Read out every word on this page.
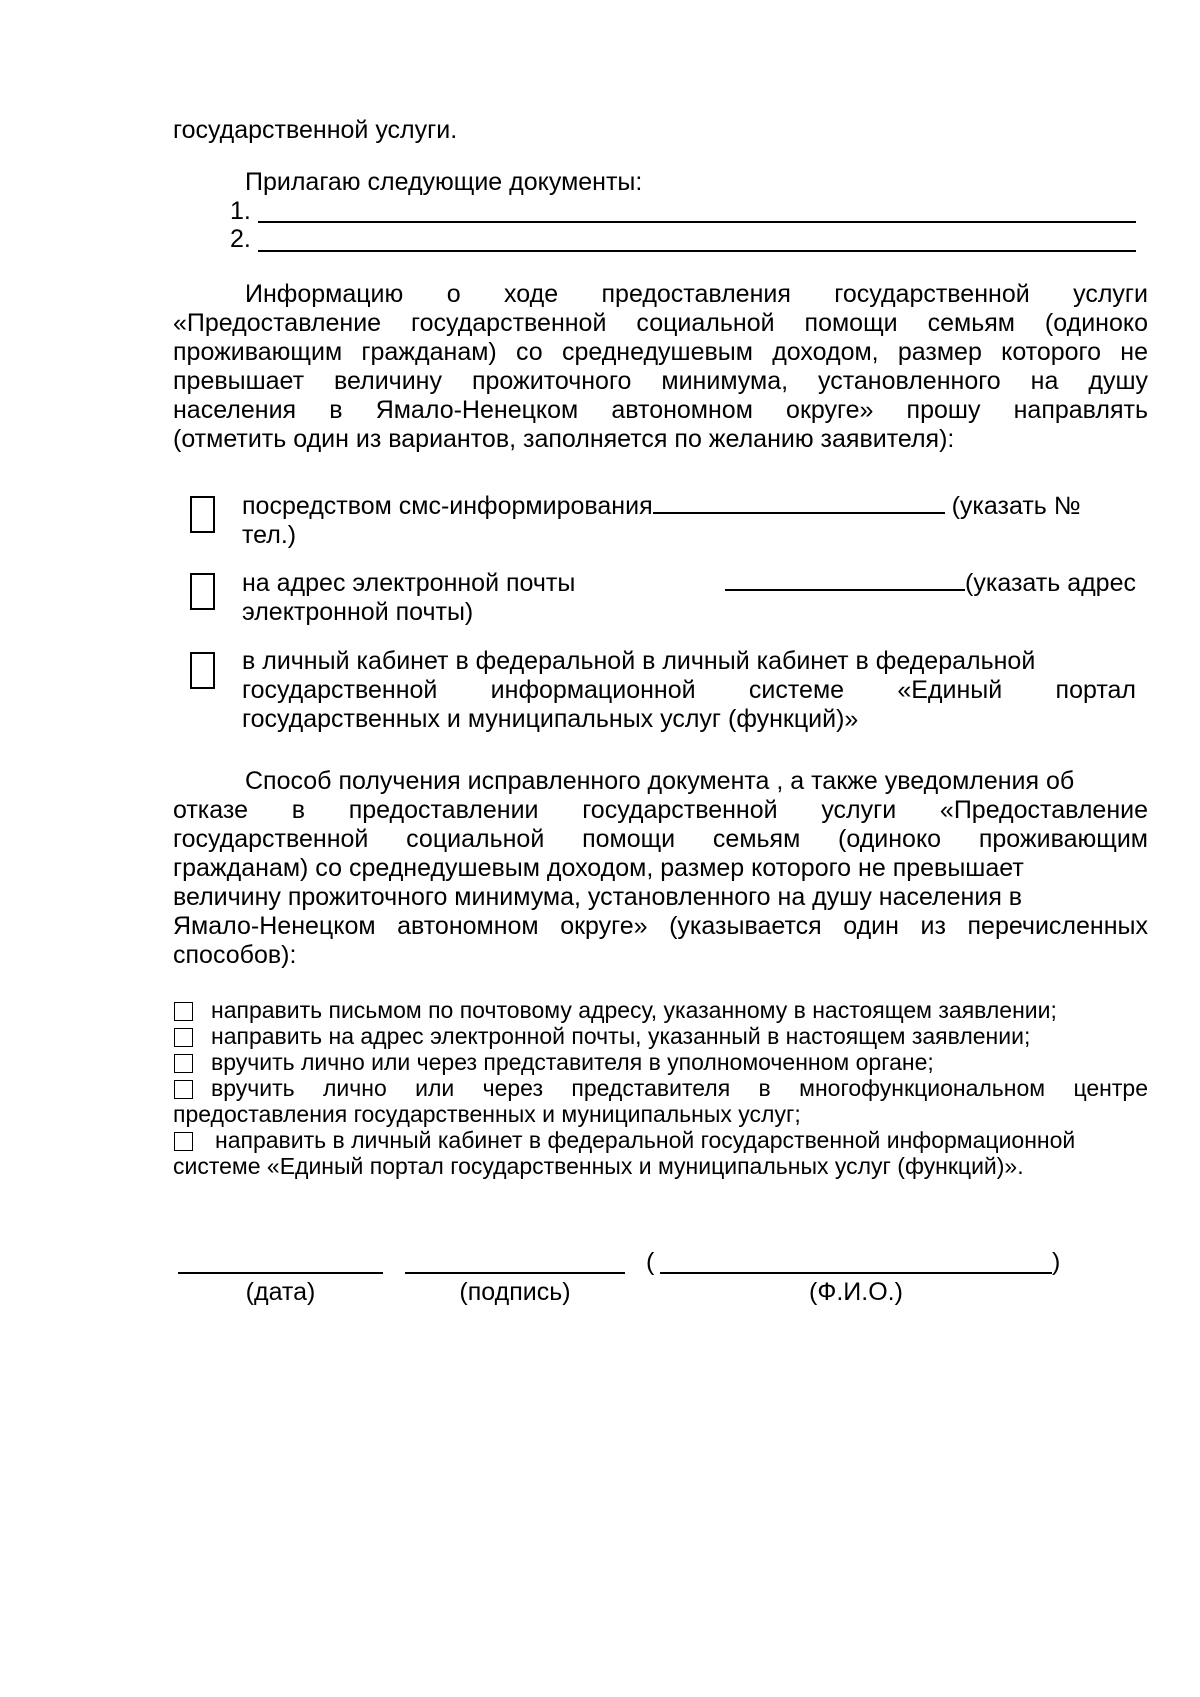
государственной услуги.
Прилагаю следующие документы:
1.
2.
Информацию о ходе предоставления государственной услуги
«Предоставление государственной социальной помощи семьям (одиноко
проживающим гражданам) со среднедушевым доходом, размер которого не
превышает величину прожиточного минимума, установленного на душу
населения в Ямало-Ненецком автономном округе» прошу направлять
(отметить один из вариантов, заполняется по желанию заявителя):
посредством смс-информирования	(указать №
тел.)
на адрес электронной почты	(указать адрес
электронной почты)
в личный кабинет в федеральной в личный кабинет в федеральной
государственной информационной системе «Единый портал
государственных и муниципальных услуг (функций)»
Способ получения исправленного документа , а также уведомления об
отказе в предоставлении государственной услуги «Предоставление
государственной социальной помощи семьям (одиноко проживающим
гражданам) со среднедушевым доходом, размер которого не превышает
величину прожиточного минимума, установленного на душу населения в
Ямало-Ненецком автономном округе» (указывается один из перечисленных
способов):
направить письмом по почтовому адресу, указанному в настоящем заявлении;
направить на адрес электронной почты, указанный в настоящем заявлении;
вручить лично или через представителя в уполномоченном органе;
вручить лично или через представителя в многофункциональном центре
предоставления государственных и муниципальных услуг;
направить в личный кабинет в федеральной государственной информационной
системе «Единый портал государственных и муниципальных услуг (функций)».
(дата)	(подпись)
(	)
(Ф.И.О.)
